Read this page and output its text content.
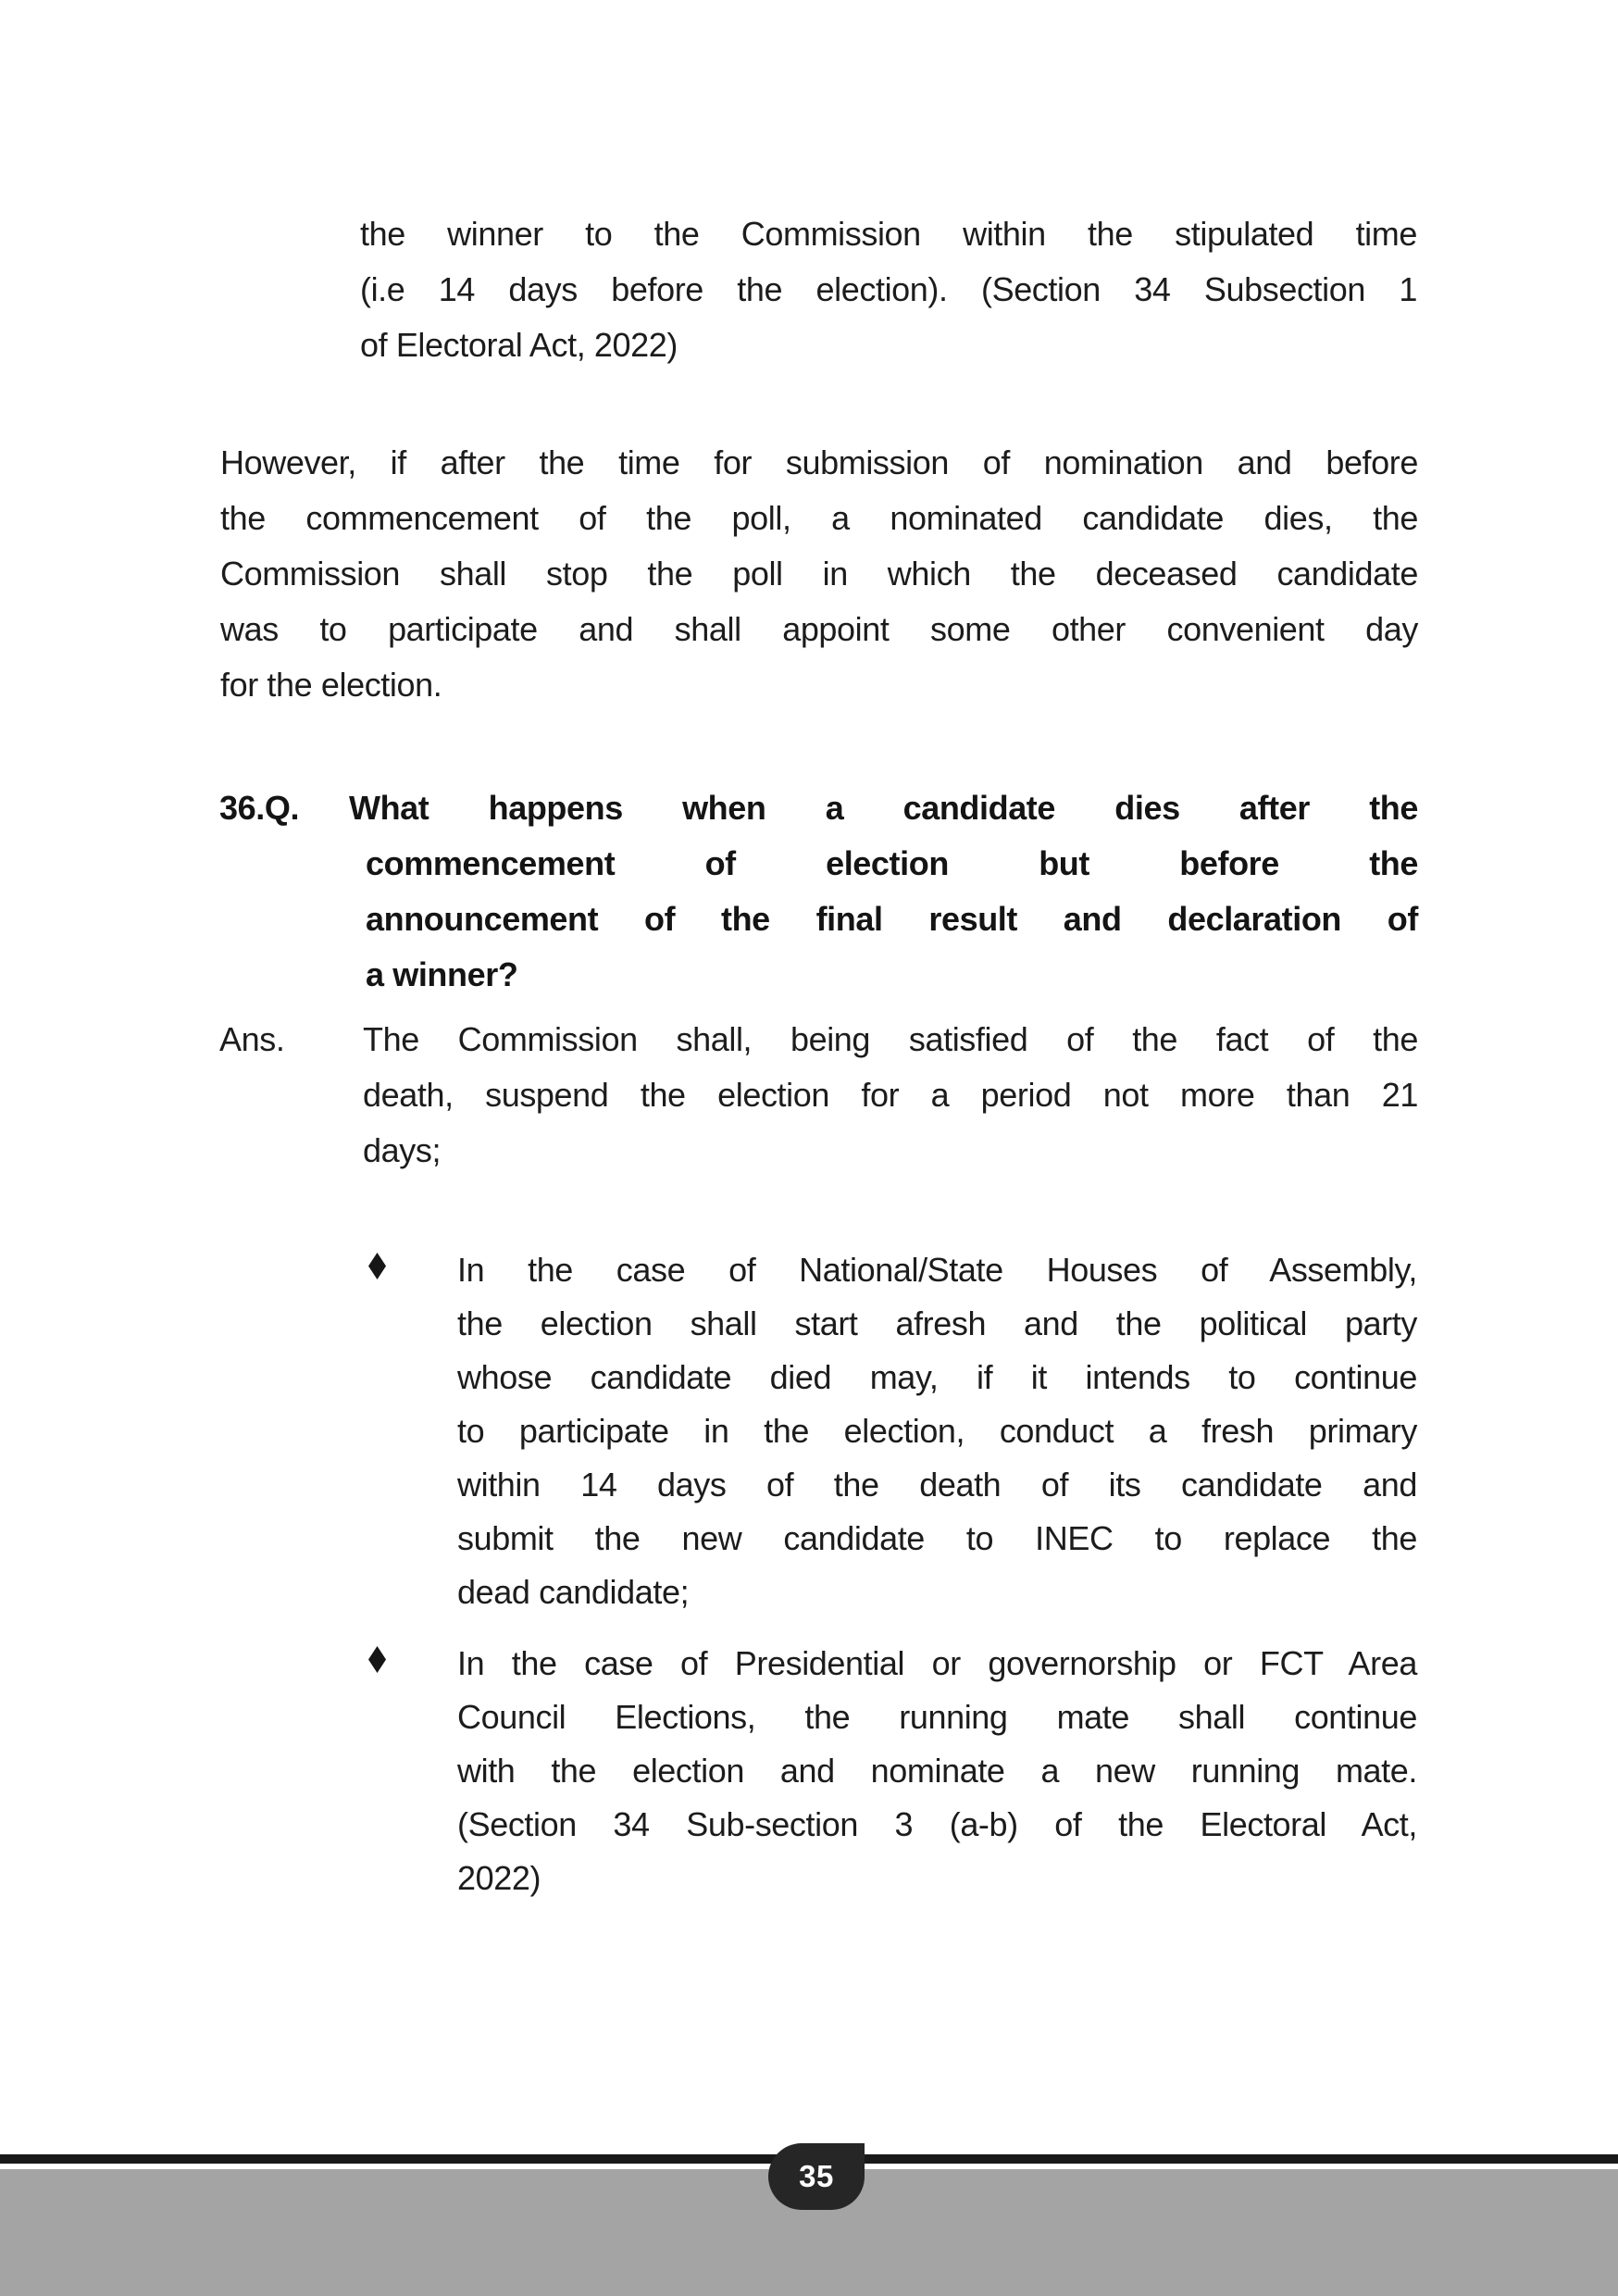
the winner to the Commission within the stipulated time
(i.e 14 days before the election). (Section 34 Subsection 1
of Electoral Act, 2022)
However, if after the time for submission of nomination and before
the commencement of the poll, a nominated candidate dies, the
Commission shall stop the poll in which the deceased candidate
was to participate and shall appoint some other convenient day
for the election.
36.Q. What happens when a candidate dies after the
commencement of election but before the
announcement of the final result and declaration of
a winner?
Ans. The Commission shall, being satisfied of the fact of the
death, suspend the election for a period not more than 21
days;
In the case of National/State Houses of Assembly,
the election shall start afresh and the political party
whose candidate died may, if it intends to continue
to participate in the election, conduct a fresh primary
within 14 days of the death of its candidate and
submit the new candidate to INEC to replace the
dead candidate;
In the case of Presidential or governorship or FCT Area
Council Elections, the running mate shall continue
with the election and nominate a new running mate.
(Section 34 Sub-section 3 (a-b) of the Electoral Act,
2022)
35
